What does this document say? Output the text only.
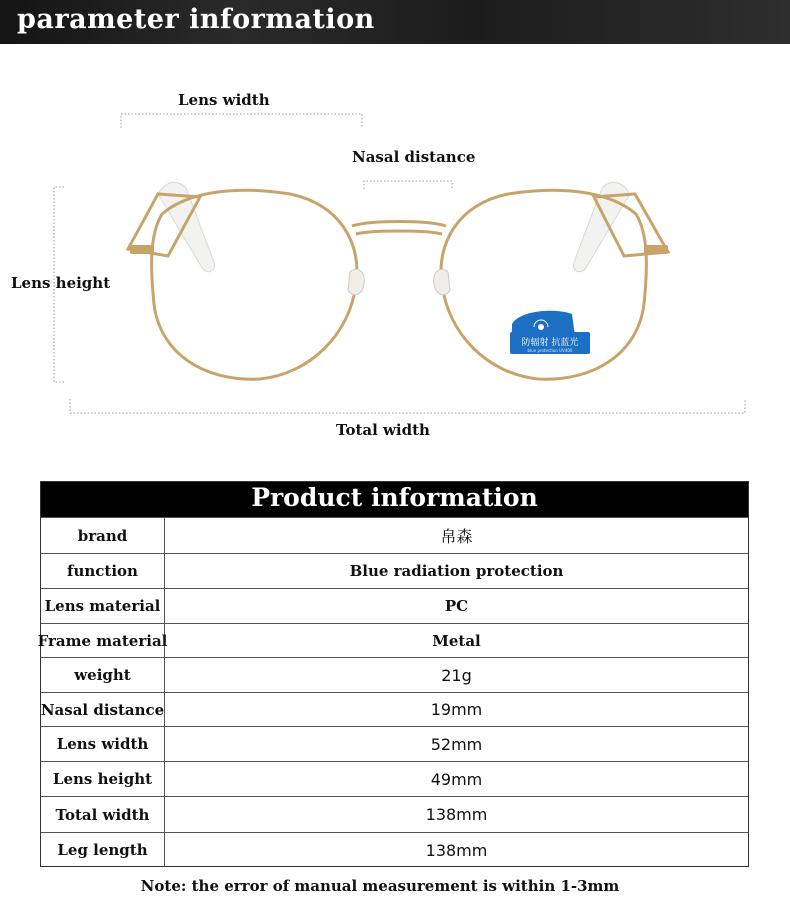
parameter information
防辐射 抗蓝光
blue protection UV400
Lens width
Nasal distance
Lens height
Total width
Product information
brand	帛森
function	Blue radiation protection
Lens material	PC
Frame material	Metal
weight	21g
Nasal distance	19mm
Lens width	52mm
Lens height	49mm
Total width	138mm
Leg length	138mm
Note: the error of manual measurement is within 1-3mm
